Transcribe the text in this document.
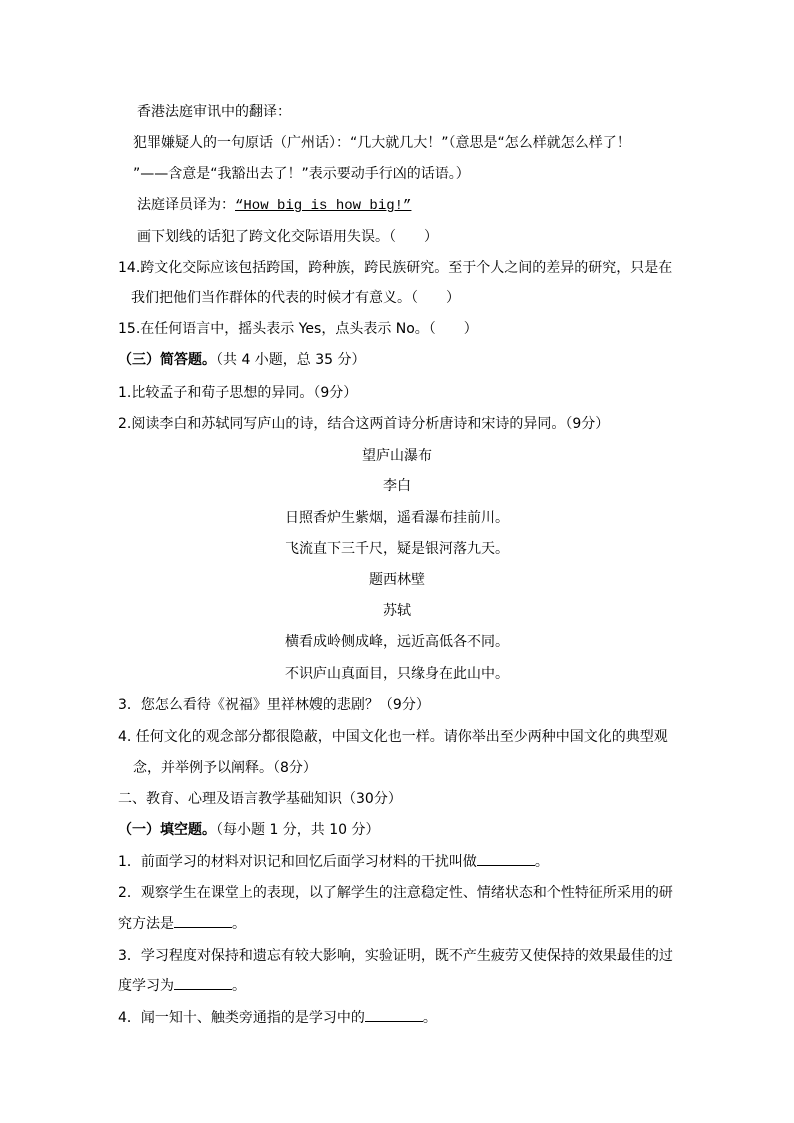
香港法庭审讯中的翻译：
犯罪嫌疑人的一句原话（广州话）：“几大就几大！”（意思是“怎么样就怎么样了！
”——含意是“我豁出去了！”表示要动手行凶的话语。）
法庭译员译为：“How big is how big!”
画下划线的话犯了跨文化交际语用失误。（　　）
14.跨文化交际应该包括跨国，跨种族，跨民族研究。至于个人之间的差异的研究，只是在
我们把他们当作群体的代表的时候才有意义。（　　）
15.在任何语言中，摇头表示 Yes，点头表示 No。（　　）
（三）简答题。（共 4 小题，总 35 分）
1.比较孟子和荀子思想的异同。（9分）
2.阅读李白和苏轼同写庐山的诗，结合这两首诗分析唐诗和宋诗的异同。（9分）
望庐山瀑布
李白
日照香炉生紫烟，遥看瀑布挂前川。
飞流直下三千尺，疑是银河落九天。
题西林壁
苏轼
横看成岭侧成峰，远近高低各不同。
不识庐山真面目，只缘身在此山中。
3．您怎么看待《祝福》里祥林嫂的悲剧？（9分）
4. 任何文化的观念部分都很隐蔽，中国文化也一样。请你举出至少两种中国文化的典型观
念，并举例予以阐释。（8分）
二、教育、心理及语言教学基础知识（30分）
（一）填空题。（每小题 1 分，共 10 分）
1．前面学习的材料对识记和回忆后面学习材料的干扰叫做	。
2．观察学生在课堂上的表现，以了解学生的注意稳定性、情绪状态和个性特征所采用的研
究方法是	。
3．学习程度对保持和遗忘有较大影响，实验证明，既不产生疲劳又使保持的效果最佳的过
度学习为	。
4．闻一知十、触类旁通指的是学习中的	。
